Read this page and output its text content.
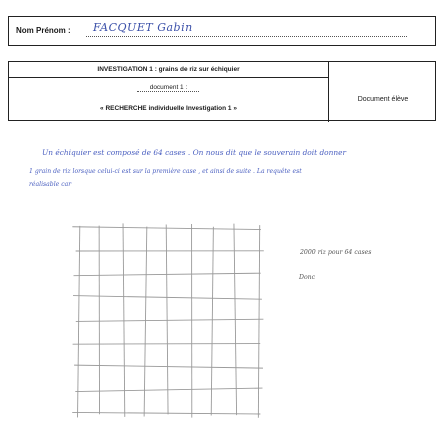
Nom Prénom : FACQUET Gabin
INVESTIGATION 1 : grains de riz sur échiquier
document 1 :
« RECHERCHE individuelle Investigation 1 »
Document élève
Un échiquier est composé de 64 cases . On nous dit que le souverain doit donner
1 grain de riz lorsque celui-ci est sur la première case , et ainsi de suite . La requête est
réalisable car
2000 riz pour 64 cases
Donc
